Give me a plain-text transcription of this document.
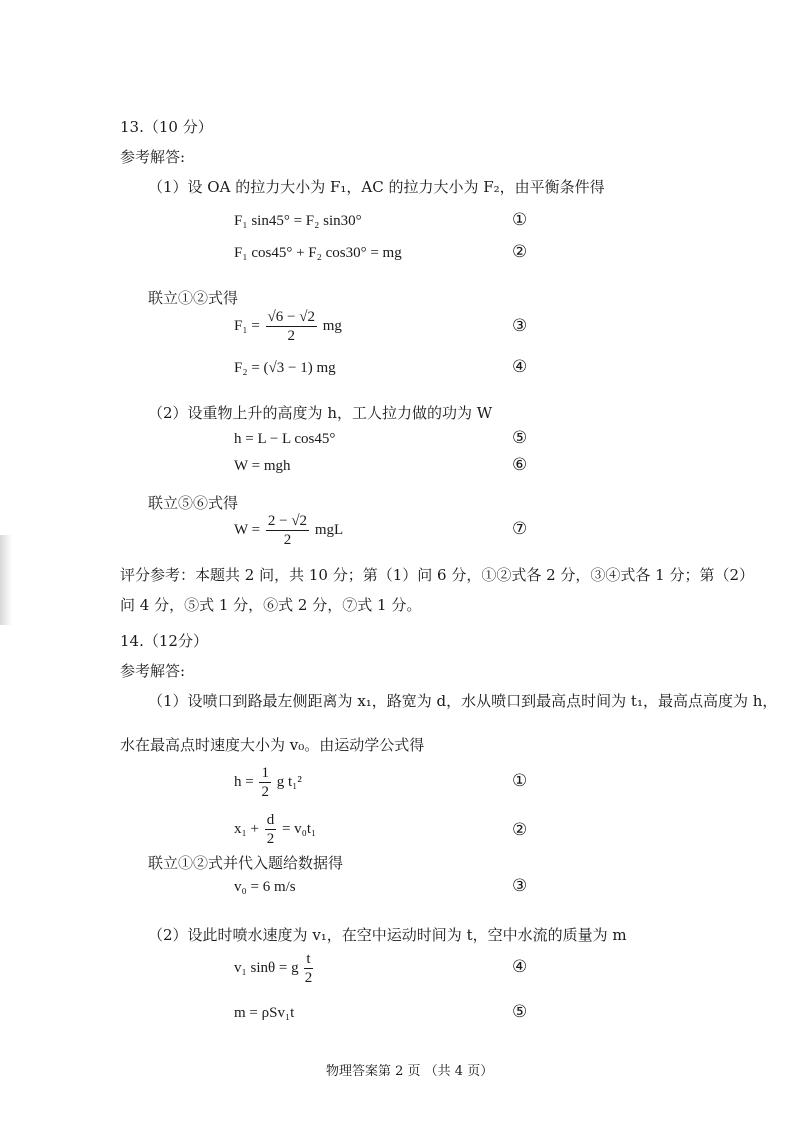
13.（10 分）
参考解答:
（1）设 OA 的拉力大小为 F₁，AC 的拉力大小为 F₂，由平衡条件得
F₁ sin45° = F₂ sin30°	①
F₁ cos45° + F₂ cos30° = mg	②
联立①②式得
$F_1 = \frac{√6 - √2}{2}$ mg	③
F₂ = (√3 − 1) mg	④
（2）设重物上升的高度为 h，工人拉力做的功为 W
h = L − L cos45°	⑤
W = mgh	⑥
联立⑤⑥式得
$W = \frac{2 - √2}{2}$ mgL	⑦
评分参考：本题共 2 问，共 10 分；第（1）问 6 分，①②式各 2 分，③④式各 1 分；第（2）
问 4 分，⑤式 1 分，⑥式 2 分，⑦式 1 分。
14.（12分）
参考解答:
（1）设喷口到路最左侧距离为 x₁，路宽为 d，水从喷口到最高点时间为 t₁，最高点高度为 h，
水在最高点时速度大小为 v₀。由运动学公式得
$h = \frac{1}{2}$ g t₁²	①
$x_1 + \frac{d}{2} = v_0t_1$	②
联立①②式并代入题给数据得
v₀ = 6 m/s	③
（2）设此时喷水速度为 v₁，在空中运动时间为 t，空中水流的质量为 m
v₁ sinθ = g $\frac{t}{2}$	④
m = ρSv₁t	⑤
物理答案第 2 页 （共 4 页）
